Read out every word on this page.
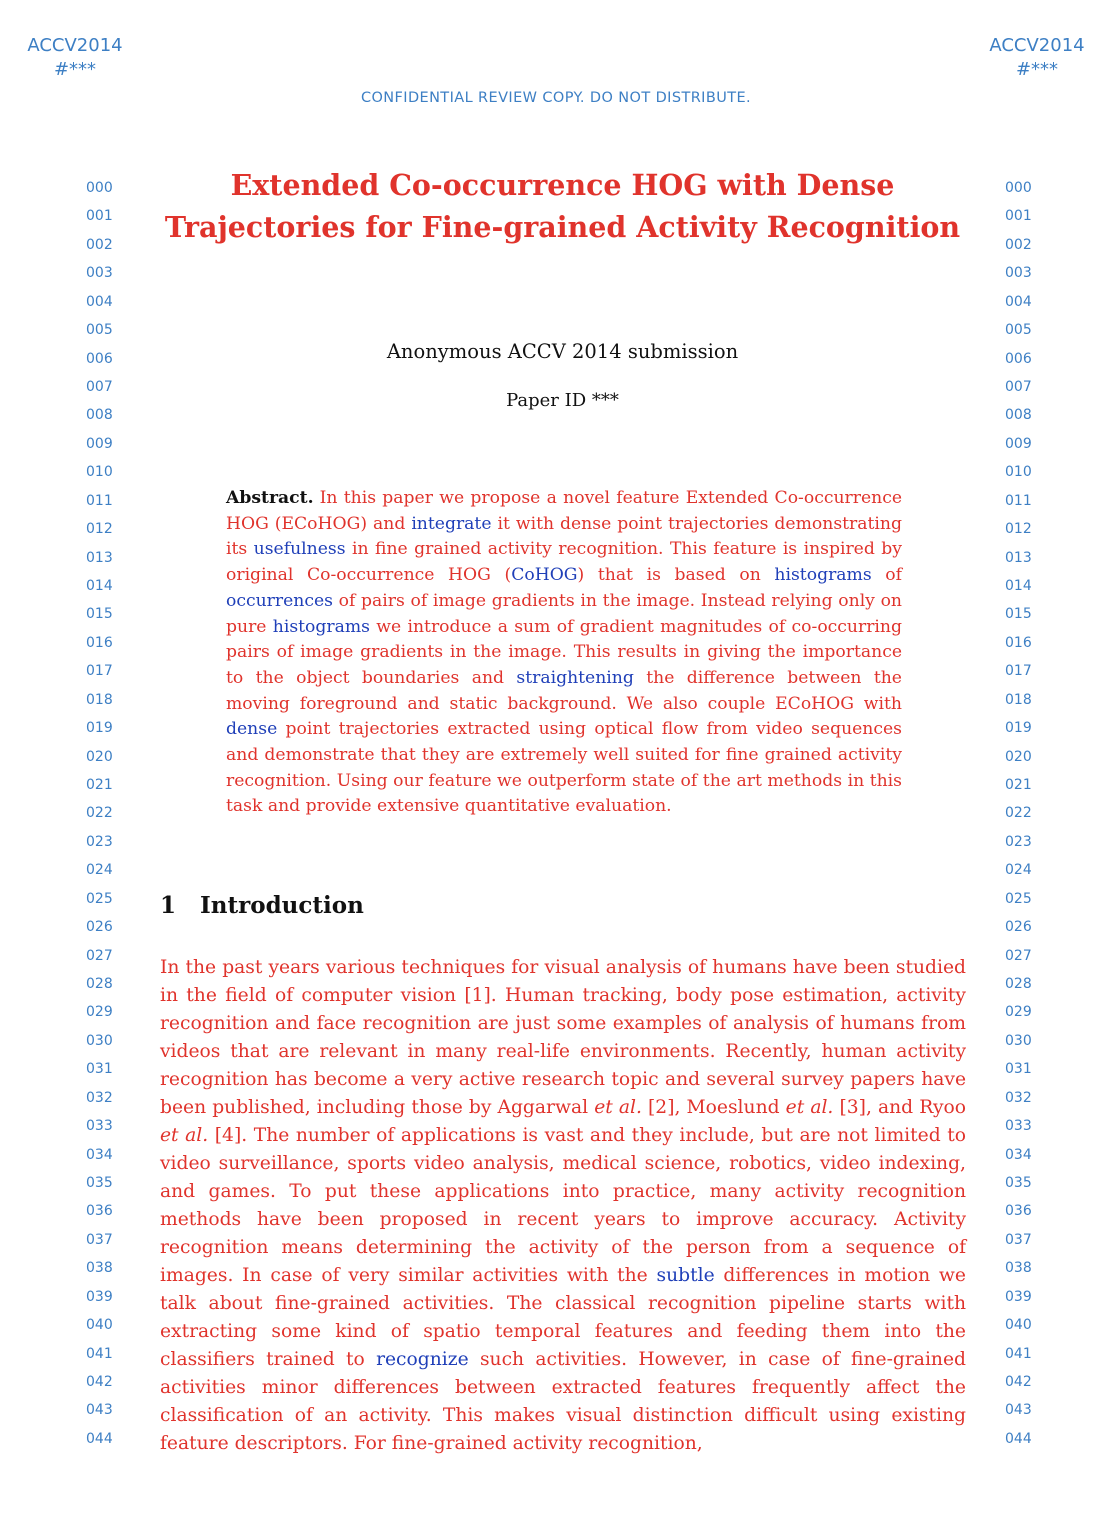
ACCV2014
#***
ACCV2014
#***
CONFIDENTIAL REVIEW COPY. DO NOT DISTRIBUTE.
000
001
002
003
004
005
006
007
008
009
010
011
012
013
014
015
016
017
018
019
020
021
022
023
024
025
026
027
028
029
030
031
032
033
034
035
036
037
038
039
040
041
042
043
044
000
001
002
003
004
005
006
007
008
009
010
011
012
013
014
015
016
017
018
019
020
021
022
023
024
025
026
027
028
029
030
031
032
033
034
035
036
037
038
039
040
041
042
043
044
Extended Co-occurrence HOG with Dense Trajectories for Fine-grained Activity Recognition
Anonymous ACCV 2014 submission
Paper ID ***
Abstract. In this paper we propose a novel feature Extended Co-occurrence HOG (ECoHOG) and integrate it with dense point trajectories demonstrating its usefulness in fine grained activity recognition. This feature is inspired by original Co-occurrence HOG (CoHOG) that is based on histograms of occurrences of pairs of image gradients in the image. Instead relying only on pure histograms we introduce a sum of gradient magnitudes of co-occurring pairs of image gradients in the image. This results in giving the importance to the object boundaries and straightening the difference between the moving foreground and static background. We also couple ECoHOG with dense point trajectories extracted using optical flow from video sequences and demonstrate that they are extremely well suited for fine grained activity recognition. Using our feature we outperform state of the art methods in this task and provide extensive quantitative evaluation.
1 Introduction
In the past years various techniques for visual analysis of humans have been studied in the field of computer vision [1]. Human tracking, body pose estimation, activity recognition and face recognition are just some examples of analysis of humans from videos that are relevant in many real-life environments. Recently, human activity recognition has become a very active research topic and several survey papers have been published, including those by Aggarwal et al. [2], Moeslund et al. [3], and Ryoo et al. [4]. The number of applications is vast and they include, but are not limited to video surveillance, sports video analysis, medical science, robotics, video indexing, and games. To put these applications into practice, many activity recognition methods have been proposed in recent years to improve accuracy. Activity recognition means determining the activity of the person from a sequence of images. In case of very similar activities with the subtle differences in motion we talk about fine-grained activities. The classical recognition pipeline starts with extracting some kind of spatio temporal features and feeding them into the classifiers trained to recognize such activities. However, in case of fine-grained activities minor differences between extracted features frequently affect the classification of an activity. This makes visual distinction difficult using existing feature descriptors. For fine-grained activity recognition,
